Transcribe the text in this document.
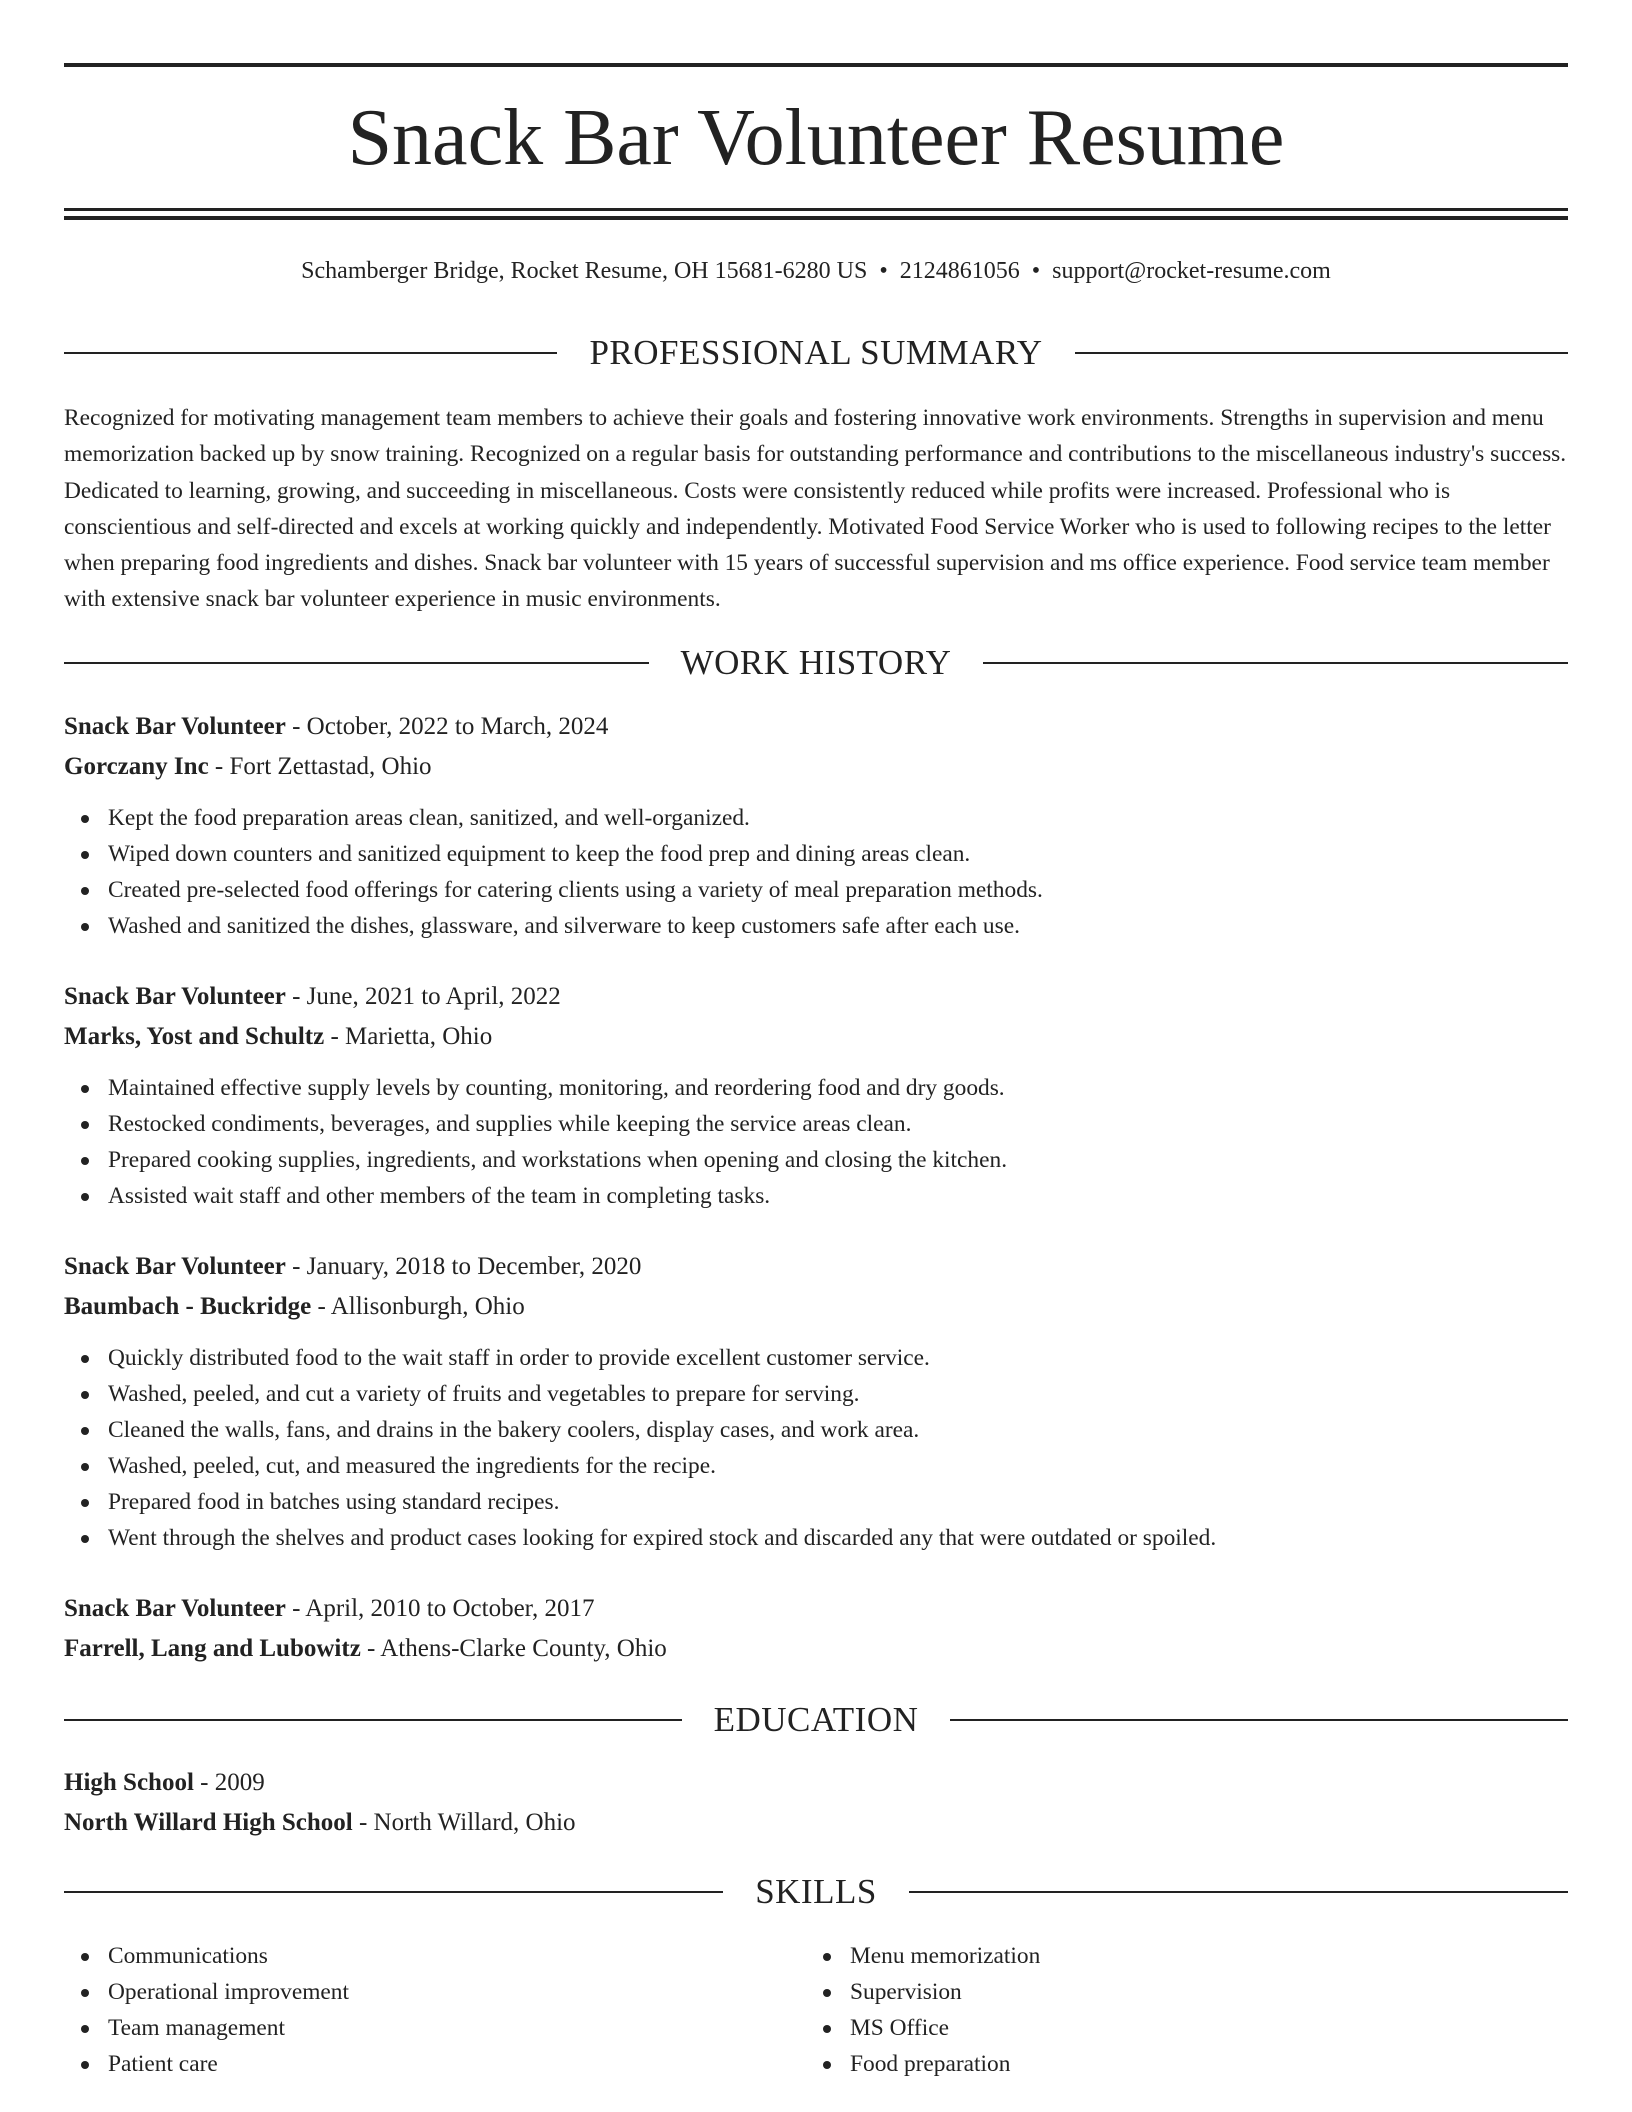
Snack Bar Volunteer Resume
Schamberger Bridge, Rocket Resume, OH 15681-6280 US • 2124861056 • support@rocket-resume.com
PROFESSIONAL SUMMARY

Recognized for motivating management team members to achieve their goals and fostering innovative work environments. Strengths in supervision and menu memorization backed up by snow training. Recognized on a regular basis for outstanding performance and contributions to the miscellaneous industry's success. Dedicated to learning, growing, and succeeding in miscellaneous. Costs were consistently reduced while profits were increased. Professional who is conscientious and self-directed and excels at working quickly and independently. Motivated Food Service Worker who is used to following recipes to the letter when preparing food ingredients and dishes. Snack bar volunteer with 15 years of successful supervision and ms office experience. Food service team member with extensive snack bar volunteer experience in music environments.

WORK HISTORY
Snack Bar Volunteer - October, 2022 to March, 2024
Gorczany Inc - Fort Zettastad, Ohio
Kept the food preparation areas clean, sanitized, and well-organized.
Wiped down counters and sanitized equipment to keep the food prep and dining areas clean.
Created pre-selected food offerings for catering clients using a variety of meal preparation methods.
Washed and sanitized the dishes, glassware, and silverware to keep customers safe after each use.
Snack Bar Volunteer - June, 2021 to April, 2022
Marks, Yost and Schultz - Marietta, Ohio
Maintained effective supply levels by counting, monitoring, and reordering food and dry goods.
Restocked condiments, beverages, and supplies while keeping the service areas clean.
Prepared cooking supplies, ingredients, and workstations when opening and closing the kitchen.
Assisted wait staff and other members of the team in completing tasks.
Snack Bar Volunteer - January, 2018 to December, 2020
Baumbach - Buckridge - Allisonburgh, Ohio
Quickly distributed food to the wait staff in order to provide excellent customer service.
Washed, peeled, and cut a variety of fruits and vegetables to prepare for serving.
Cleaned the walls, fans, and drains in the bakery coolers, display cases, and work area.
Washed, peeled, cut, and measured the ingredients for the recipe.
Prepared food in batches using standard recipes.
Went through the shelves and product cases looking for expired stock and discarded any that were outdated or spoiled.
Snack Bar Volunteer - April, 2010 to October, 2017
Farrell, Lang and Lubowitz - Athens-Clarke County, Ohio
EDUCATION
High School - 2009
North Willard High School - North Willard, Ohio
SKILLS
Communications
Operational improvement
Team management
Patient care
Menu memorization
Supervision
MS Office
Food preparation
